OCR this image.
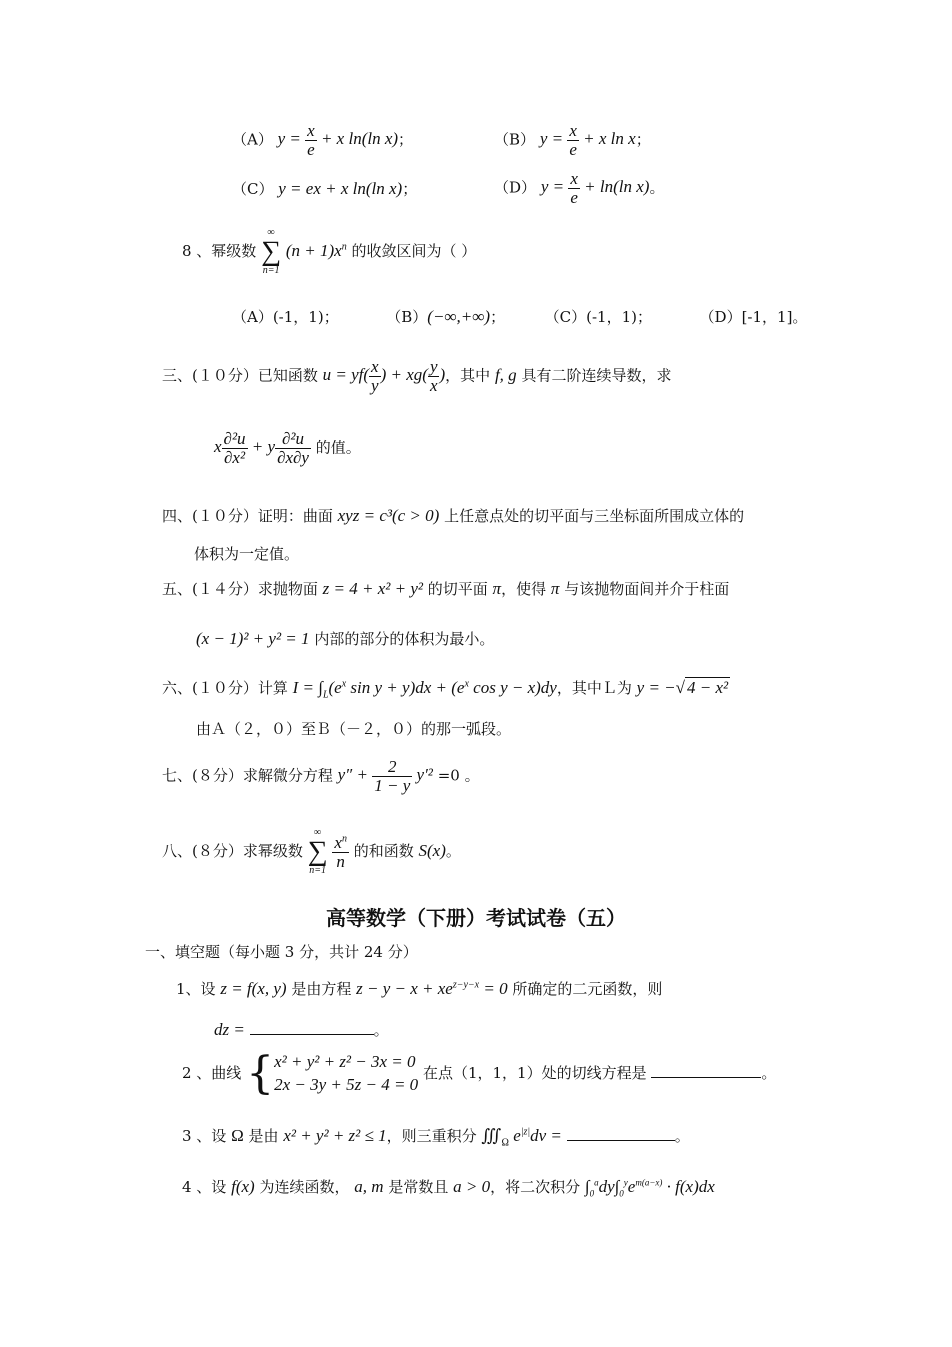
（A） $y = \frac{x}{e} + x$ ln(ln x)；	（B） $y = \frac{x}{e} + x$ ln x；
（C） y = ex + x ln(ln x)；	（D） $y = \frac{x}{e} + \ln(\ln$ x)。
8 、幂级数
∞
∑
n=1
$(n + 1)x^n$ 的收敛区间为（ ）
（A）(-1，1)；	（B）(−∞,+∞)；	（C）(-1，1)；	（D）[-1，1]。
三、(１０分）已知函数 $u = yf( \frac{x}{y}$ ) + $xg( \frac{y}{x}$ )，其中 f, g 具有二阶连续导数，求
x $\frac{\text{∂²u}}{\text{∂x²}} + y \frac{\text{∂²u}}{\partial x\partial y}$ 的值。
四、(１０分）证明：曲面 xyz = c³(c > 0) 上任意点处的切平面与三坐标面所围成立体的
体积为一定值。
五、(１４分）求抛物面 z = 4 + x² + y² 的切平面 π，使得 π 与该抛物面间并介于柱面
(x − 1)² + y² = 1 内部的部分的体积为最小。
六、(１０分）计算 $I = \int_L(e^x$ $\sin y + y)dx + (e^x$ cos y − x)dy，其中Ｌ为 y = −√ 4 − x²
由Ａ（２，０）至Ｂ（－２，０）的那一弧段。
七、(８分）求解微分方程 $y'' + \frac{2}{1 - y} y'^2 =0$ 。
八、(８分）求幂级数
∞
∑
n=1

$\frac{x^n}{n}$ 的和函数 S(x)。
高等数学（下册）考试试卷（五）
一、填空题（每小题 3 分，共计 24 分）
1、设 z = f(x, y) 是由方程 $z - y - x + xe^{z-y-x} = 0$ 所确定的二元函数，则
dz =	。
2 、曲线 { x² + y² + z² − 3x = 0
2x − 3y + 5z − 4 = 0
在点（1，1，1）处的切线方程是	。
3 、设 Ω 是由 x² + y² + z² ≤ 1，则三重积分 $∭_\Omega$ $e^{|z|}dv$ =	。
4 、设 f(x) 为连续函数， a, m 是常数且 a > 0，将二次积分 $\int_0^ady\int_0^ye^{m(a-x)} \cdot f(x)dx$
